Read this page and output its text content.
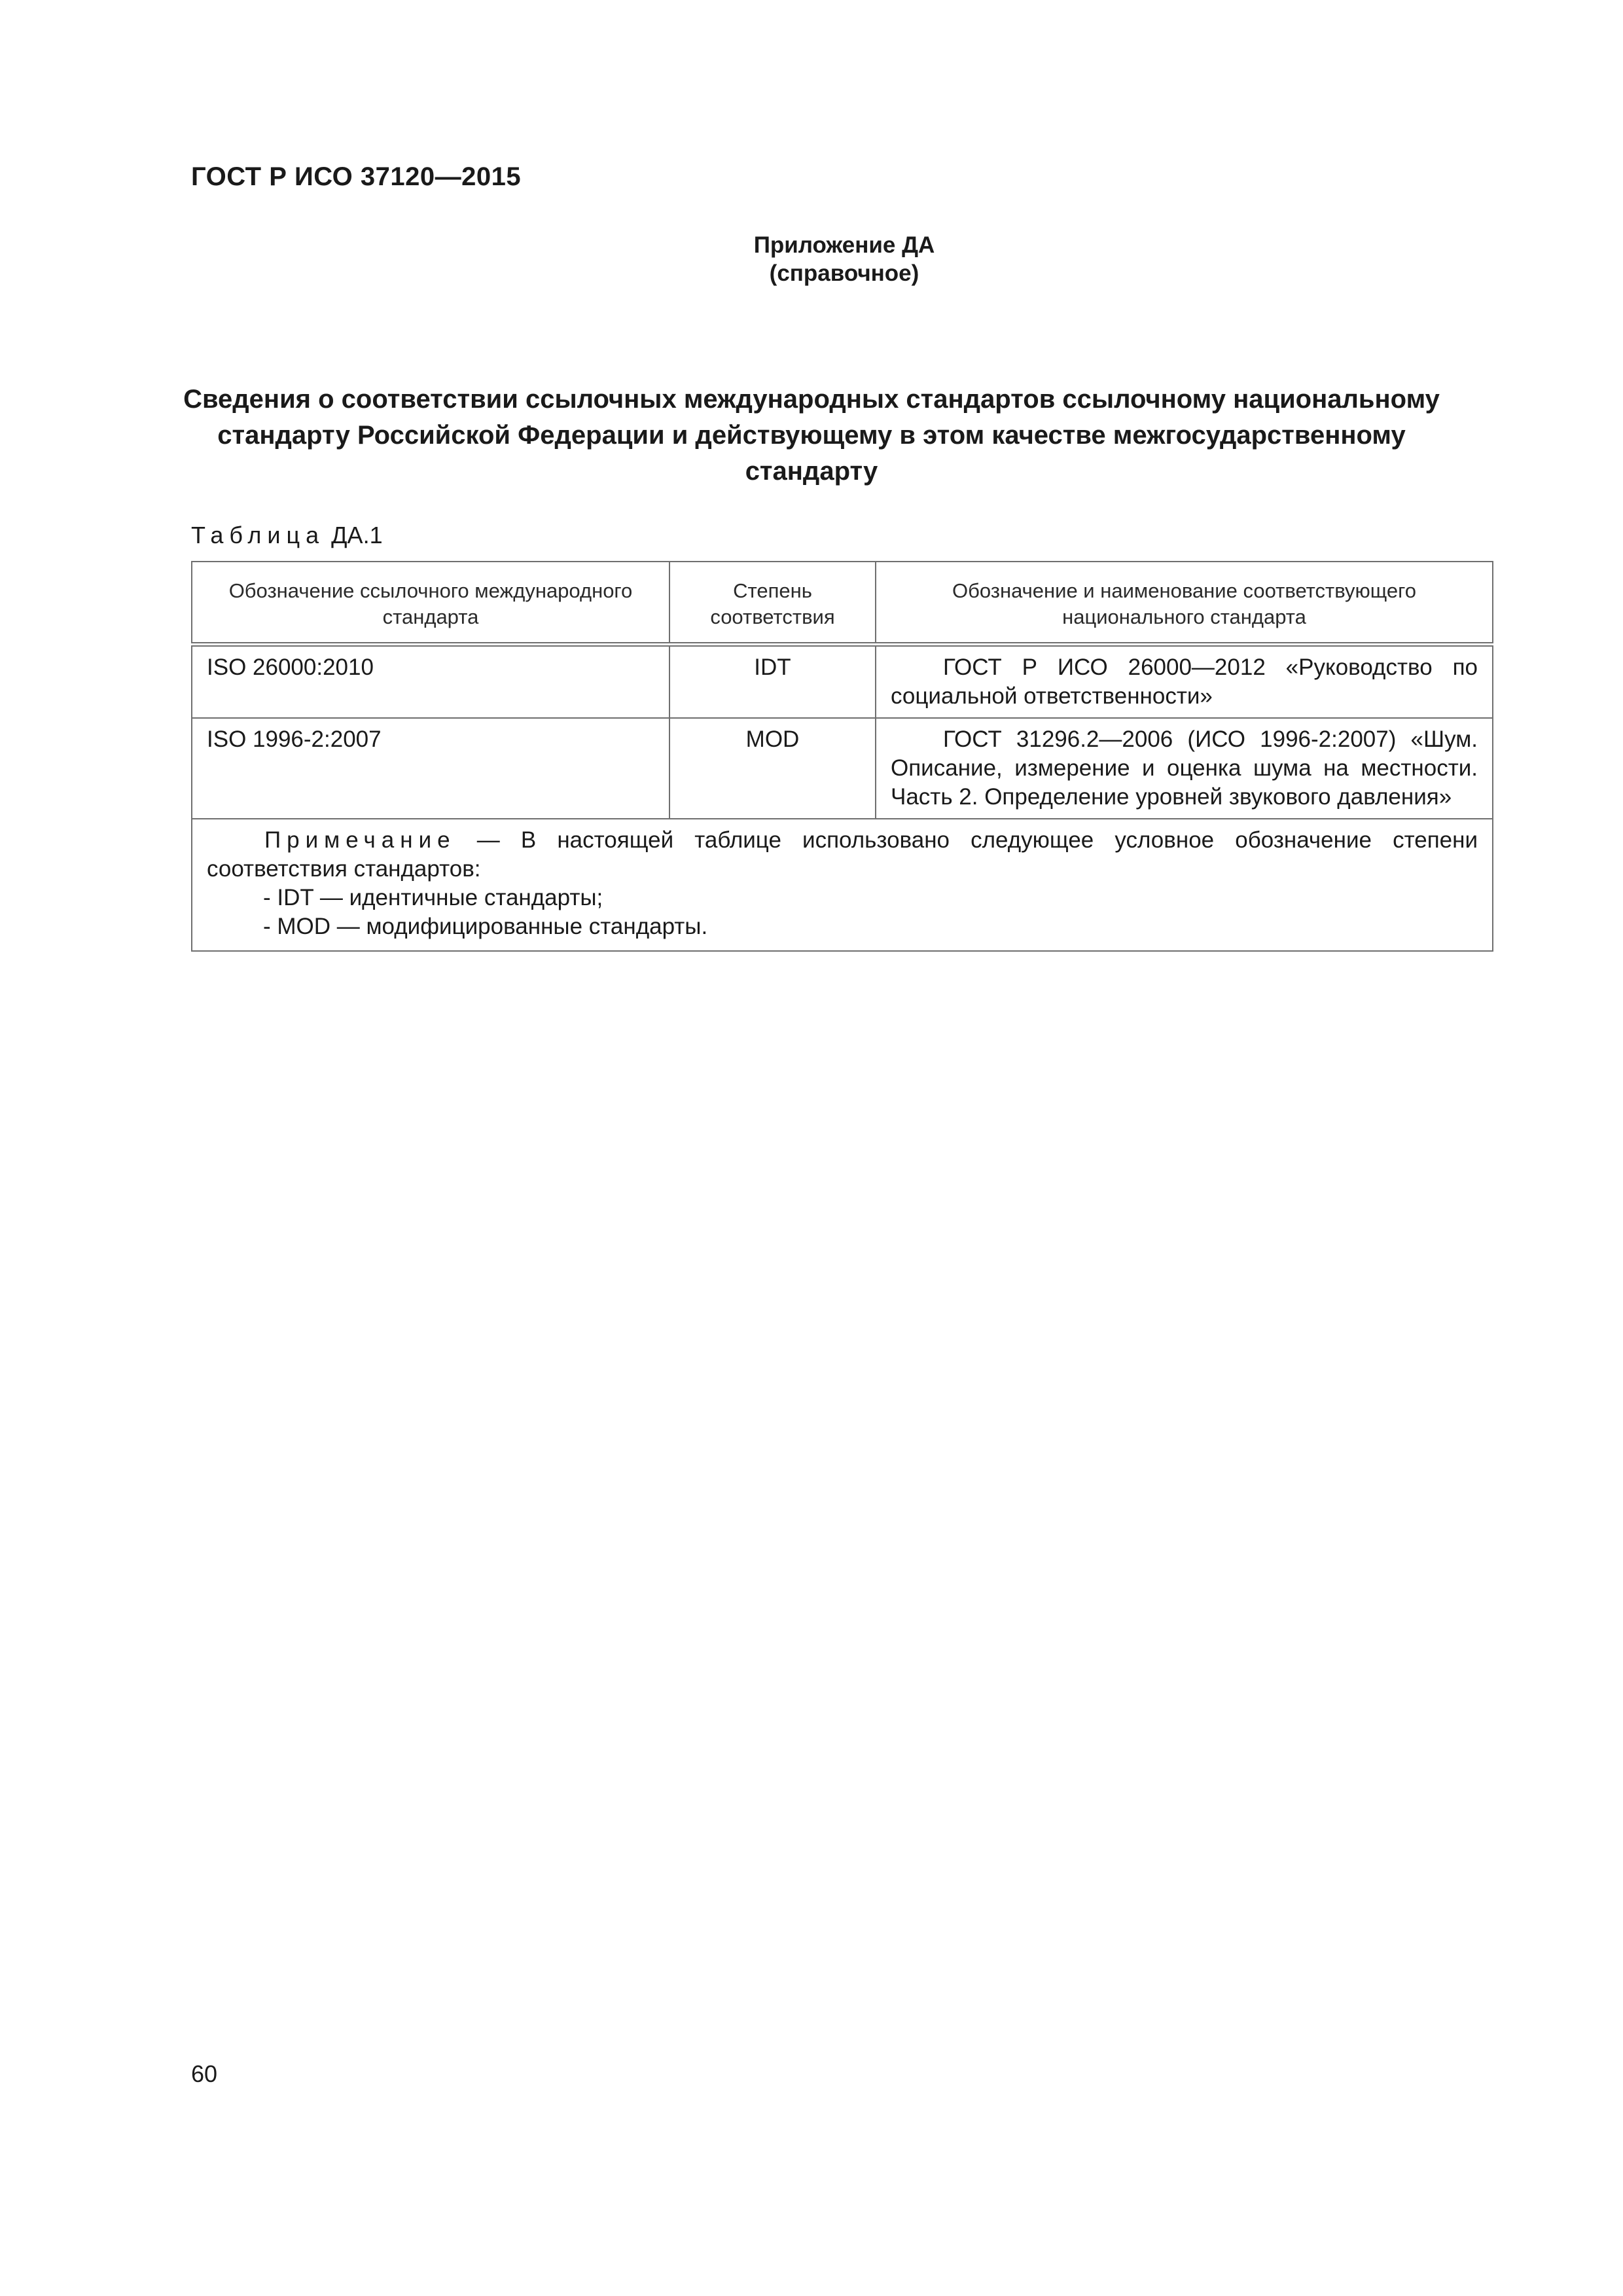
ГОСТ Р ИСО 37120—2015
Приложение ДА
(справочное)
Сведения о соответствии ссылочных международных стандартов ссылочному национальному стандарту Российской Федерации и действующему в этом качестве межгосударственному стандарту
Таблица ДА.1
Обозначение ссылочного международного стандарта	Степень соответствия	Обозначение и наименование соответствующего национального стандарта
ISO 26000:2010	IDT	ГОСТ Р ИСО 26000—2012 «Руководство по социальной ответственности»
ISO 1996-2:2007	MOD	ГОСТ 31296.2—2006 (ИСО 1996-2:2007) «Шум. Описание, измерение и оценка шума на местности. Часть 2. Определение уровней звукового давления»

Примечание — В настоящей таблице использовано следующее условное обозначение степени соответствия стандартов:
- IDT — идентичные стандарты;
- MOD — модифицированные стандарты.		
60
